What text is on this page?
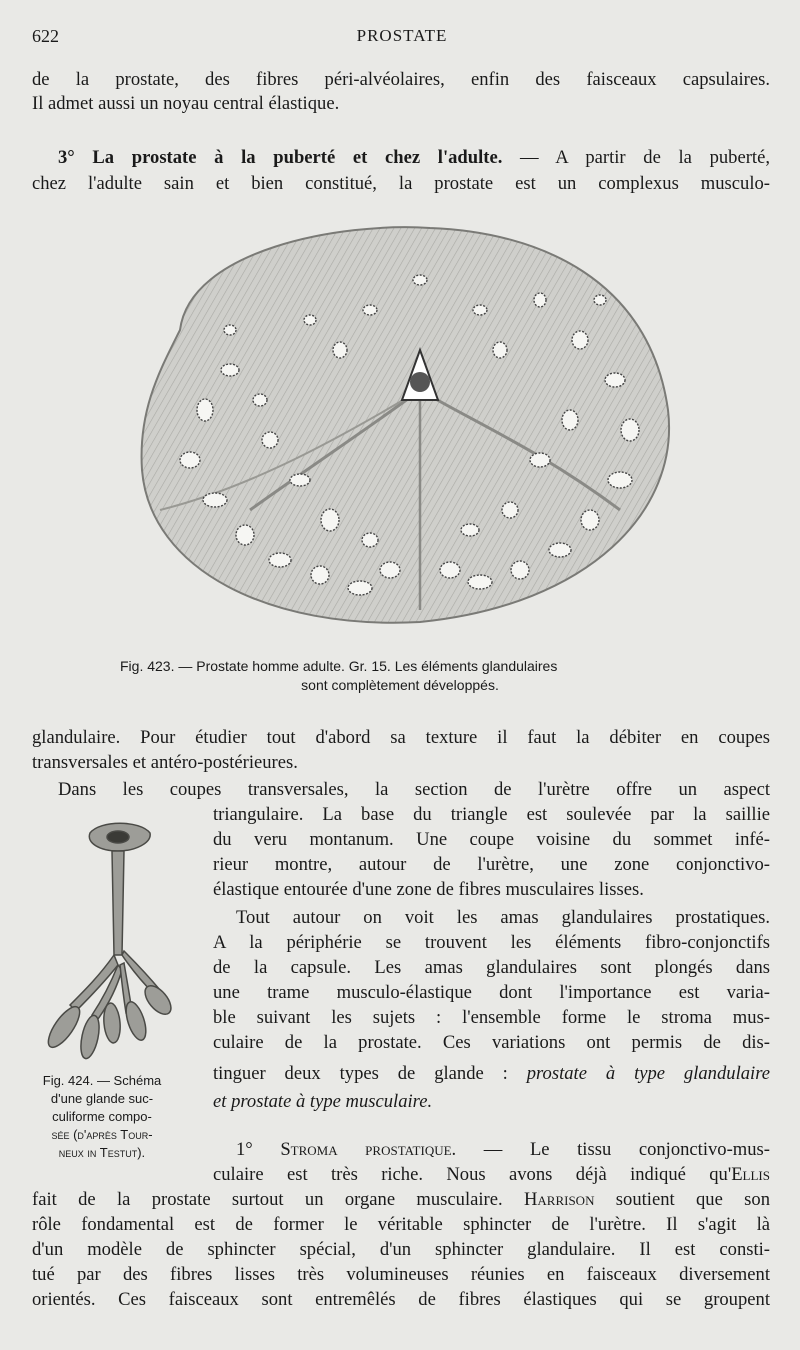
622	PROSTATE
de la prostate, des fibres péri-alvéolaires, enfin des faisceaux capsulaires.
Il admet aussi un noyau central élastique.
3° La prostate à la puberté et chez l'adulte. — A partir de la puberté,
chez l'adulte sain et bien constitué, la prostate est un complexus musculo-
Fig. 423. — Prostate homme adulte. Gr. 15. Les éléments glandulaires
sont complètement développés.
glandulaire. Pour étudier tout d'abord sa texture il faut la débiter en coupes
transversales et antéro-postérieures.
Dans les coupes transversales, la section de l'urètre offre un aspect
triangulaire. La base du triangle est soulevée par la saillie
du veru montanum. Une coupe voisine du sommet infé-
rieur montre, autour de l'urètre, une zone conjonctivo-
élastique entourée d'une zone de fibres musculaires lisses.
Tout autour on voit les amas glandulaires prostatiques.
A la périphérie se trouvent les éléments fibro-conjonctifs
de la capsule. Les amas glandulaires sont plongés dans
une trame musculo-élastique dont l'importance est varia-
ble suivant les sujets : l'ensemble forme le stroma mus-
culaire de la prostate. Ces variations ont permis de dis-
tinguer deux types de glande : prostate à type glandulaire
et prostate à type musculaire.
Fig. 424. — Schéma
d'une glande suc-
culiforme compo-
sée (d'après Tour-
neux in Testut).	1° Stroma prostatique. — Le tissu conjonctivo-mus-
culaire est très riche. Nous avons déjà indiqué qu'Ellis
fait de la prostate surtout un organe musculaire. Harrison soutient que son
rôle fondamental est de former le véritable sphincter de l'urètre. Il s'agit là
d'un modèle de sphincter spécial, d'un sphincter glandulaire. Il est consti-
tué par des fibres lisses très volumineuses réunies en faisceaux diversement
orientés. Ces faisceaux sont entremêlés de fibres élastiques qui se groupent
